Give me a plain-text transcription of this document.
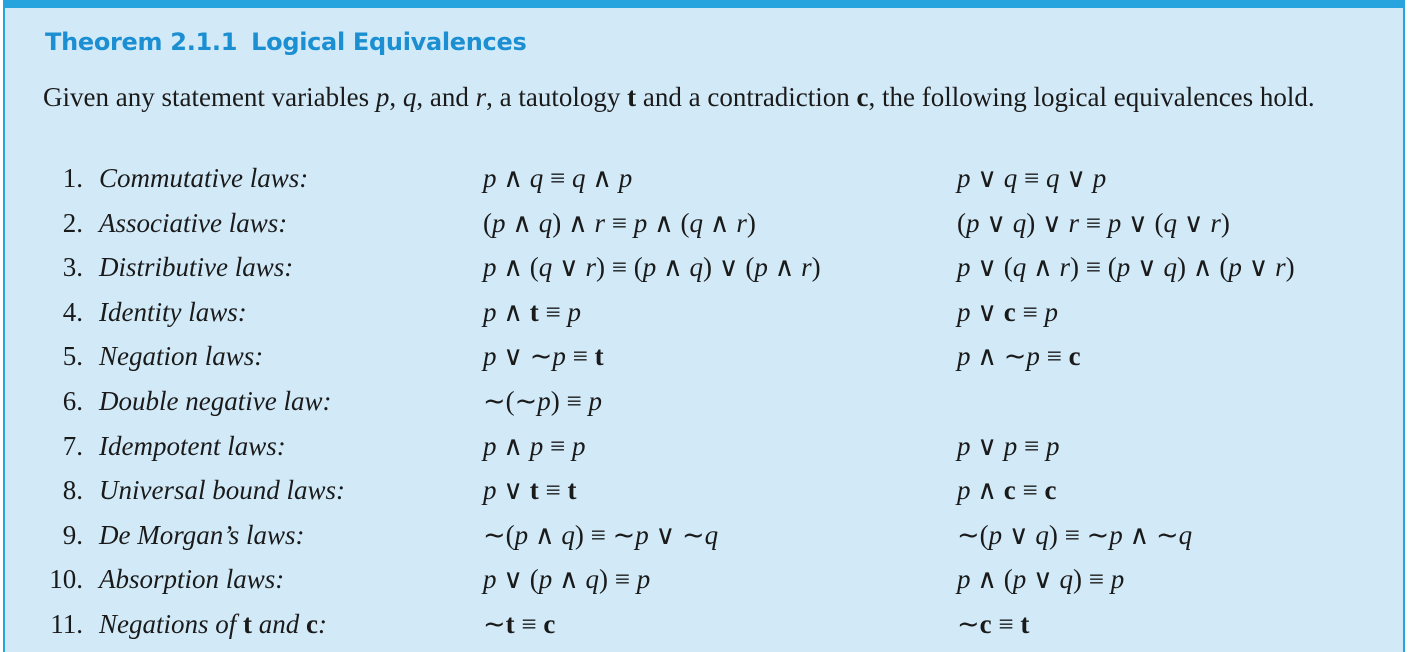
Theorem 2.1.1 Logical Equivalences
Given any statement variables p, q, and r, a tautology t and a contradiction c, the following logical equivalences hold.
1. Commutative laws:	p ∧ q ≡ q ∧ p	p ∨ q ≡ q ∨ p
2. Associative laws:	(p ∧ q) ∧ r ≡ p ∧ (q ∧ r)	(p ∨ q) ∨ r ≡ p ∨ (q ∨ r)
3. Distributive laws:	p ∧ (q ∨ r) ≡ (p ∧ q) ∨ (p ∧ r)	p ∨ (q ∧ r) ≡ (p ∨ q) ∧ (p ∨ r)
4. Identity laws:	p ∧ t ≡ p	p ∨ c ≡ p
5. Negation laws:	p ∨ ∼p ≡ t	p ∧ ∼p ≡ c
6. Double negative law:	∼(∼p) ≡ p
7. Idempotent laws:	p ∧ p ≡ p	p ∨ p ≡ p
8. Universal bound laws:	p ∨ t ≡ t	p ∧ c ≡ c
9. De Morgan’s laws:	∼(p ∧ q) ≡ ∼p ∨ ∼q	∼(p ∨ q) ≡ ∼p ∧ ∼q
10. Absorption laws:	p ∨ (p ∧ q) ≡ p	p ∧ (p ∨ q) ≡ p
11. Negations of t and c:	∼t ≡ c	∼c ≡ t
